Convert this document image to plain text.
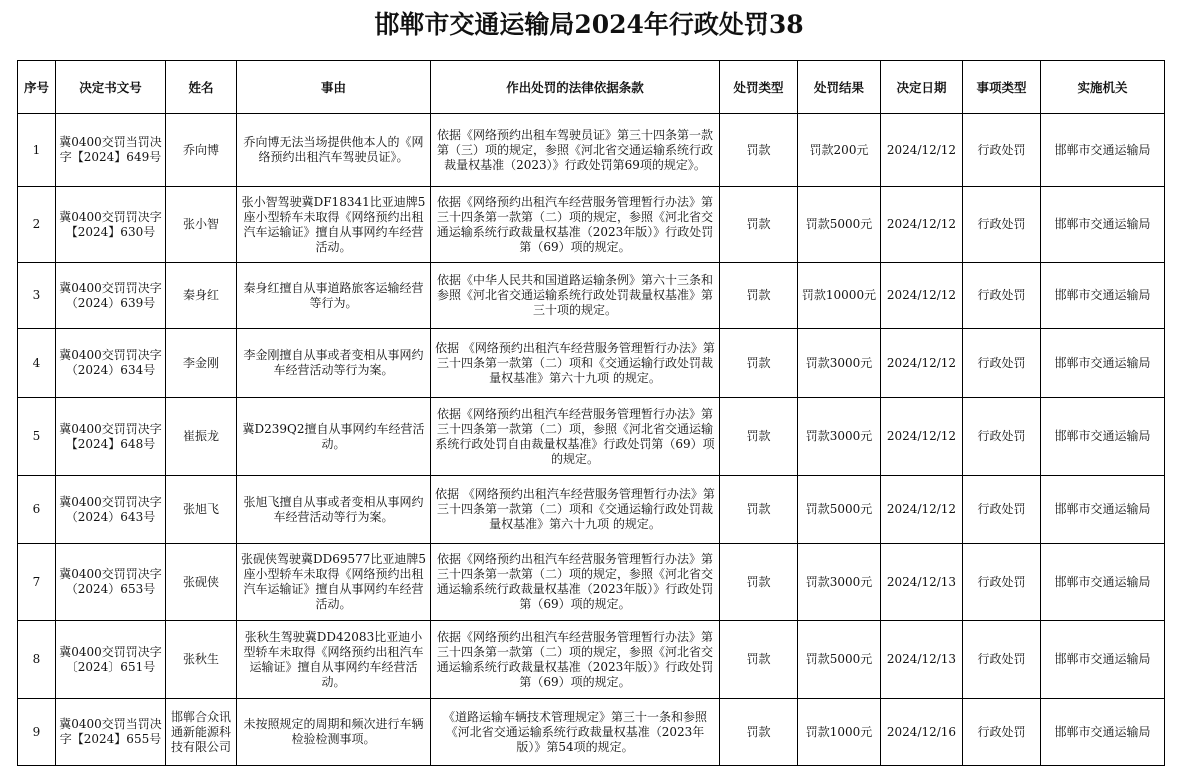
邯郸市交通运输局2024年行政处罚38
序号	决定书文号	姓名	事由	作出处罚的法律依据条款	处罚类型	处罚结果	决定日期	事项类型	实施机关
1	冀0400交罚当罚决字【2024】649号	乔向博	乔向博无法当场提供他本人的《网络预约出租汽车驾驶员证》。	依据《网络预约出租车驾驶员证》第三十四条第一款第（三）项的规定，参照《河北省交通运输系统行政裁量权基准（2023）》行政处罚第69项的规定》。	罚款	罚款200元	2024/12/12	行政处罚	邯郸市交通运输局
2	冀0400交罚罚决字【2024】630号	张小智	张小智驾驶冀DF18341比亚迪牌5座小型轿车未取得《网络预约出租汽车运输证》擅自从事网约车经营活动。	依据《网络预约出租汽车经营服务管理暂行办法》第三十四条第一款第（二）项的规定，参照《河北省交通运输系统行政裁量权基准（2023年版）》行政处罚第（69）项的规定。	罚款	罚款5000元	2024/12/12	行政处罚	邯郸市交通运输局
3	冀0400交罚罚决字（2024）639号	秦身红	秦身红擅自从事道路旅客运输经营等行为。	依据《中华人民共和国道路运输条例》第六十三条和参照《河北省交通运输系统行政处罚裁量权基准》第三十项的规定。	罚款	罚款10000元	2024/12/12	行政处罚	邯郸市交通运输局
4	冀0400交罚罚决字（2024）634号	李金刚	李金刚擅自从事或者变相从事网约车经营活动等行为案。	依据 《网络预约出租汽车经营服务管理暂行办法》第三十四条第一款第（二）项和《交通运输行政处罚裁量权基准》第六十九项 的规定。	罚款	罚款3000元	2024/12/12	行政处罚	邯郸市交通运输局
5	冀0400交罚罚决字【2024】648号	崔振龙	冀D239Q2擅自从事网约车经营活动。	依据《网络预约出租汽车经营服务管理暂行办法》第三十四条第一款第（二）项，参照《河北省交通运输系统行政处罚自由裁量权基准》行政处罚第（69）项的规定。	罚款	罚款3000元	2024/12/12	行政处罚	邯郸市交通运输局
6	冀0400交罚罚决字（2024）643号	张旭飞	张旭飞擅自从事或者变相从事网约车经营活动等行为案。	依据 《网络预约出租汽车经营服务管理暂行办法》第三十四条第一款第（二）项和《交通运输行政处罚裁量权基准》第六十九项 的规定。	罚款	罚款5000元	2024/12/12	行政处罚	邯郸市交通运输局
7	冀0400交罚罚决字（2024）653号	张砚侠	张砚侠驾驶冀DD69577比亚迪牌5座小型轿车未取得《网络预约出租汽车运输证》擅自从事网约车经营活动。	依据《网络预约出租汽车经营服务管理暂行办法》第三十四条第一款第（二）项的规定，参照《河北省交通运输系统行政裁量权基准（2023年版）》行政处罚第（69）项的规定。	罚款	罚款3000元	2024/12/13	行政处罚	邯郸市交通运输局
8	冀0400交罚罚决字〔2024〕651号	张秋生	张秋生驾驶冀DD42083比亚迪小型轿车未取得《网络预约出租汽车运输证》擅自从事网约车经营活动。	依据《网络预约出租汽车经营服务管理暂行办法》第三十四条第一款第（二）项的规定，参照《河北省交通运输系统行政裁量权基准（2023年版）》行政处罚第（69）项的规定。	罚款	罚款5000元	2024/12/13	行政处罚	邯郸市交通运输局
9	冀0400交罚当罚决字【2024】655号	邯郸合众讯通新能源科技有限公司	未按照规定的周期和频次进行车辆检验检测事项。	《道路运输车辆技术管理规定》第三十一条和参照《河北省交通运输系统行政裁量权基准（2023年版）》第54项的规定。	罚款	罚款1000元	2024/12/16	行政处罚	邯郸市交通运输局
